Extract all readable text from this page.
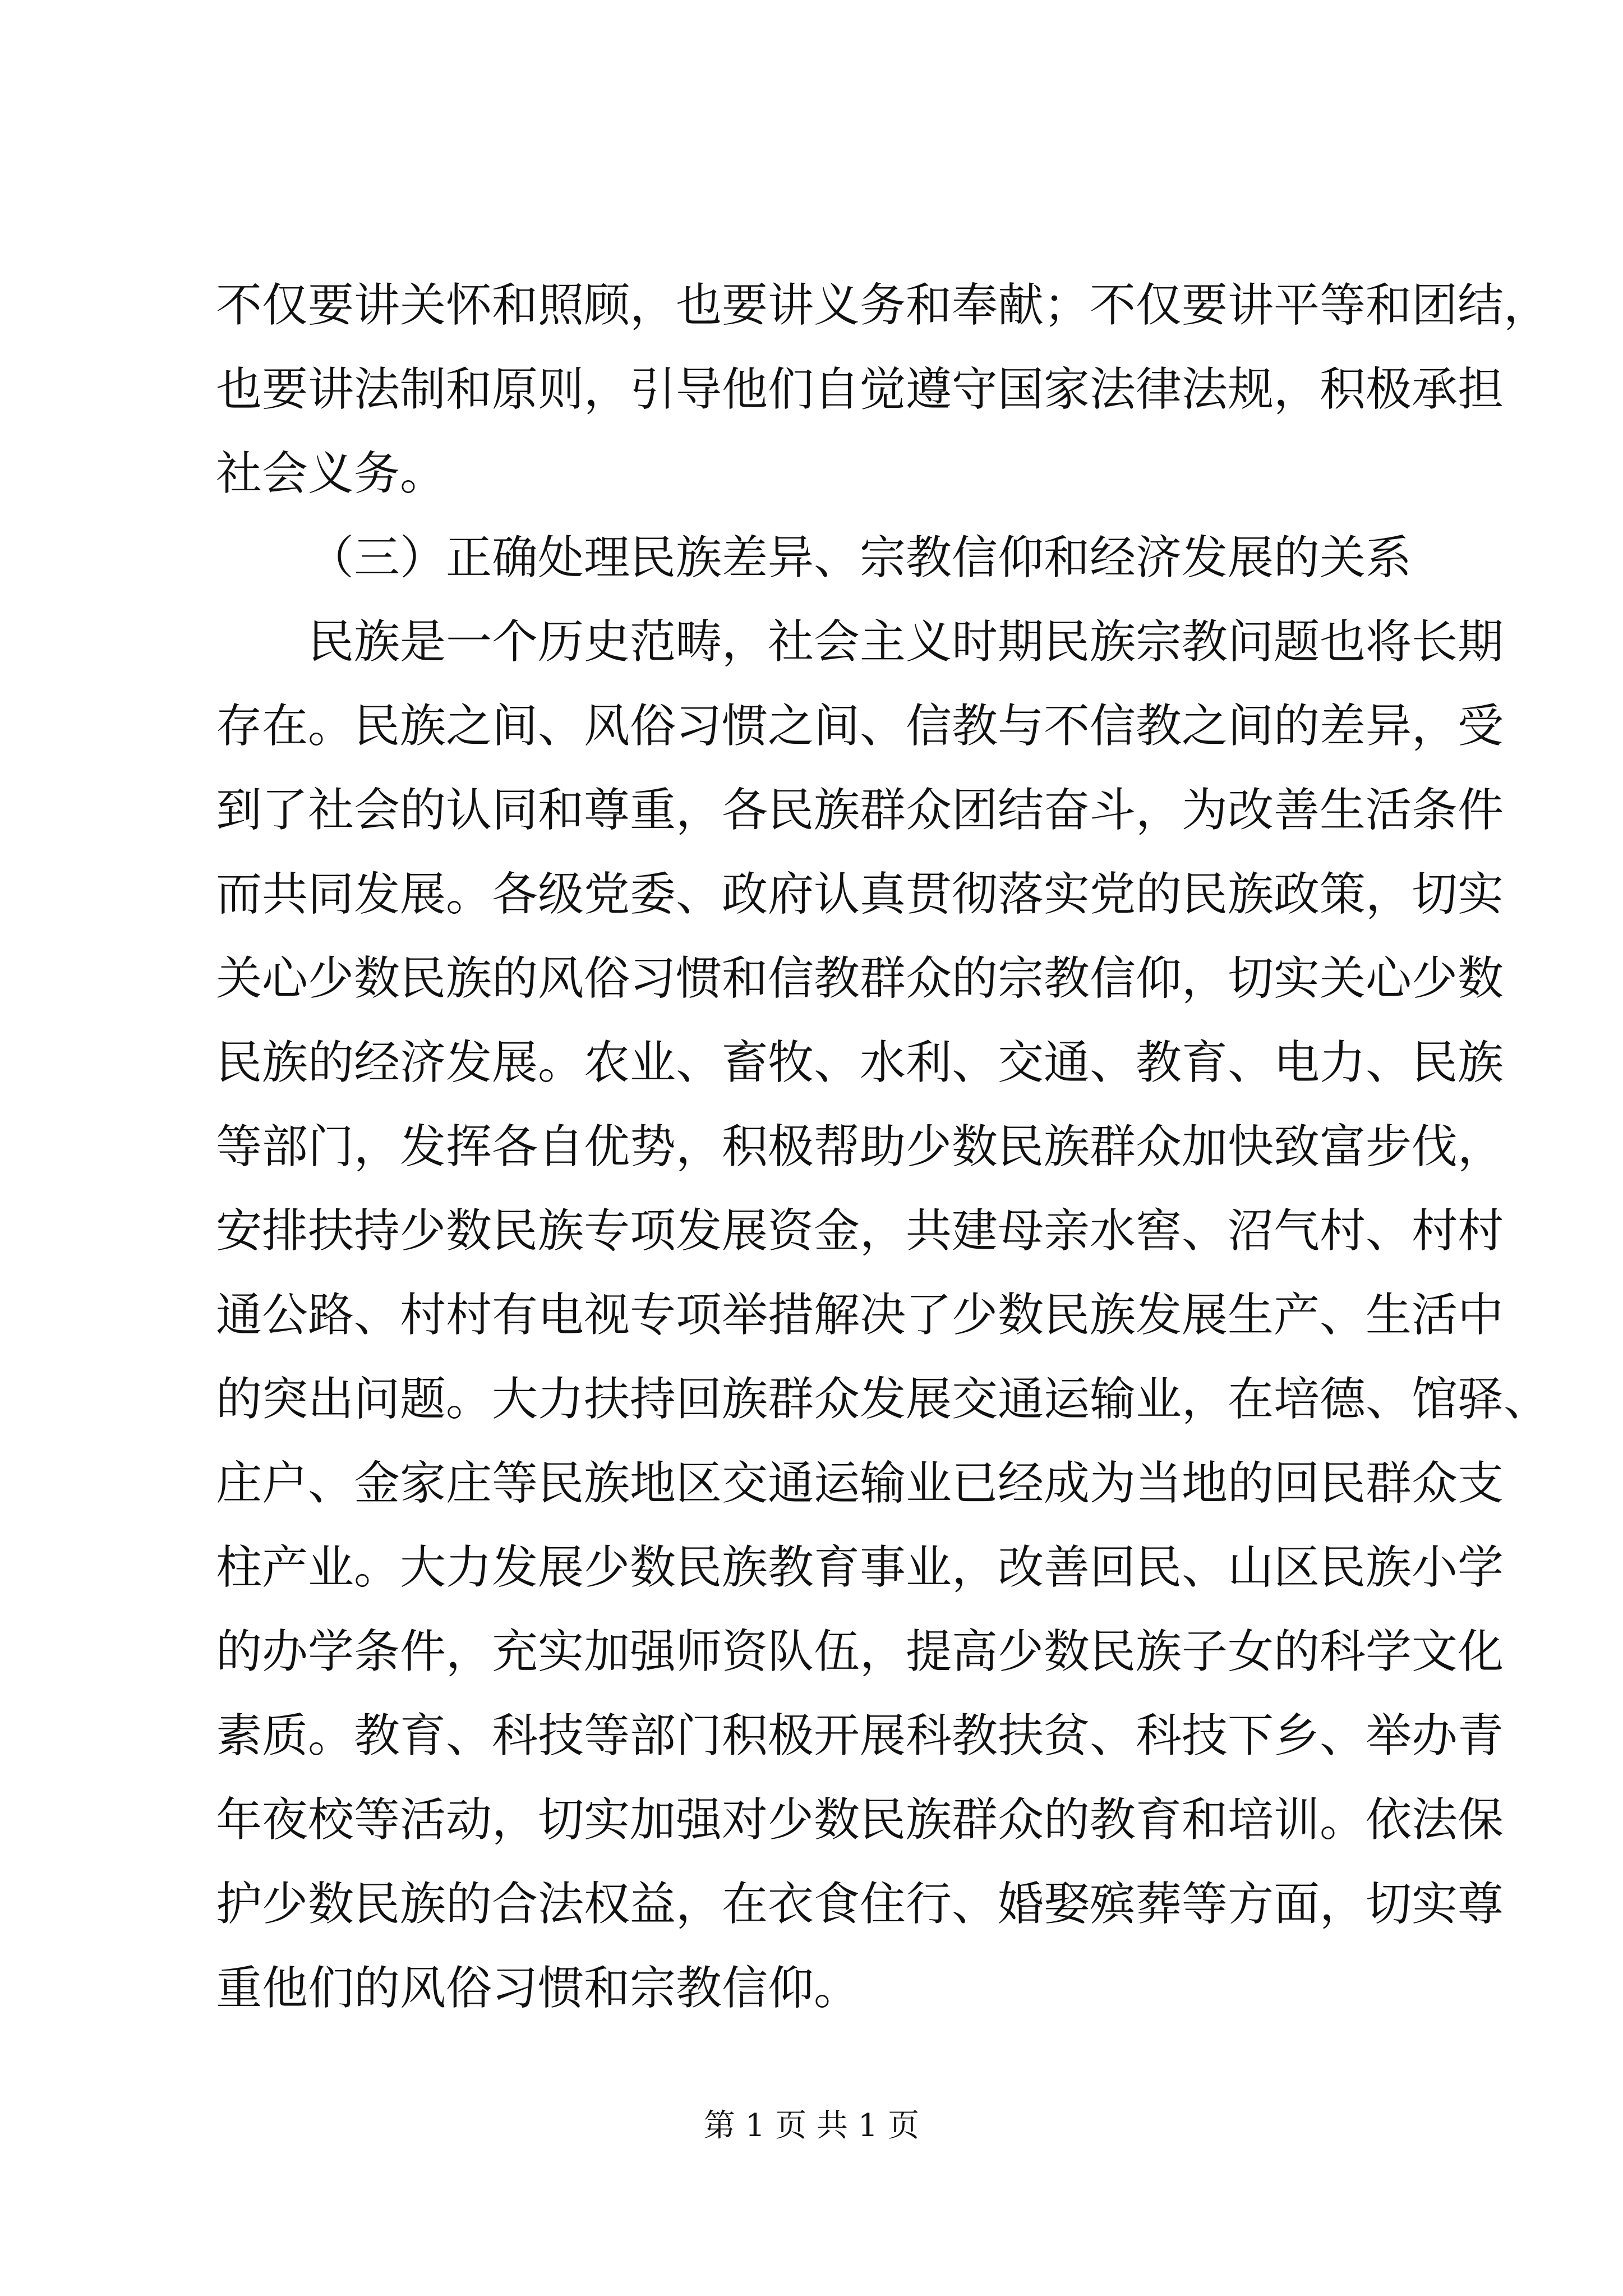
不仅要讲关怀和照顾，也要讲义务和奉献；不仅要讲平等和团结，
也要讲法制和原则，引导他们自觉遵守国家法律法规，积极承担
社会义务。
（三）正确处理民族差异、宗教信仰和经济发展的关系
民族是一个历史范畴，社会主义时期民族宗教问题也将长期
存在。民族之间、风俗习惯之间、信教与不信教之间的差异，受
到了社会的认同和尊重，各民族群众团结奋斗，为改善生活条件
而共同发展。各级党委、政府认真贯彻落实党的民族政策，切实
关心少数民族的风俗习惯和信教群众的宗教信仰，切实关心少数
民族的经济发展。农业、畜牧、水利、交通、教育、电力、民族
等部门，发挥各自优势，积极帮助少数民族群众加快致富步伐，
安排扶持少数民族专项发展资金，共建母亲水窖、沼气村、村村
通公路、村村有电视专项举措解决了少数民族发展生产、生活中
的突出问题。大力扶持回族群众发展交通运输业，在培德、馆驿、
庄户、金家庄等民族地区交通运输业已经成为当地的回民群众支
柱产业。大力发展少数民族教育事业，改善回民、山区民族小学
的办学条件，充实加强师资队伍，提高少数民族子女的科学文化
素质。教育、科技等部门积极开展科教扶贫、科技下乡、举办青
年夜校等活动，切实加强对少数民族群众的教育和培训。依法保
护少数民族的合法权益，在衣食住行、婚娶殡葬等方面，切实尊
重他们的风俗习惯和宗教信仰。
第 1 页 共 1 页
